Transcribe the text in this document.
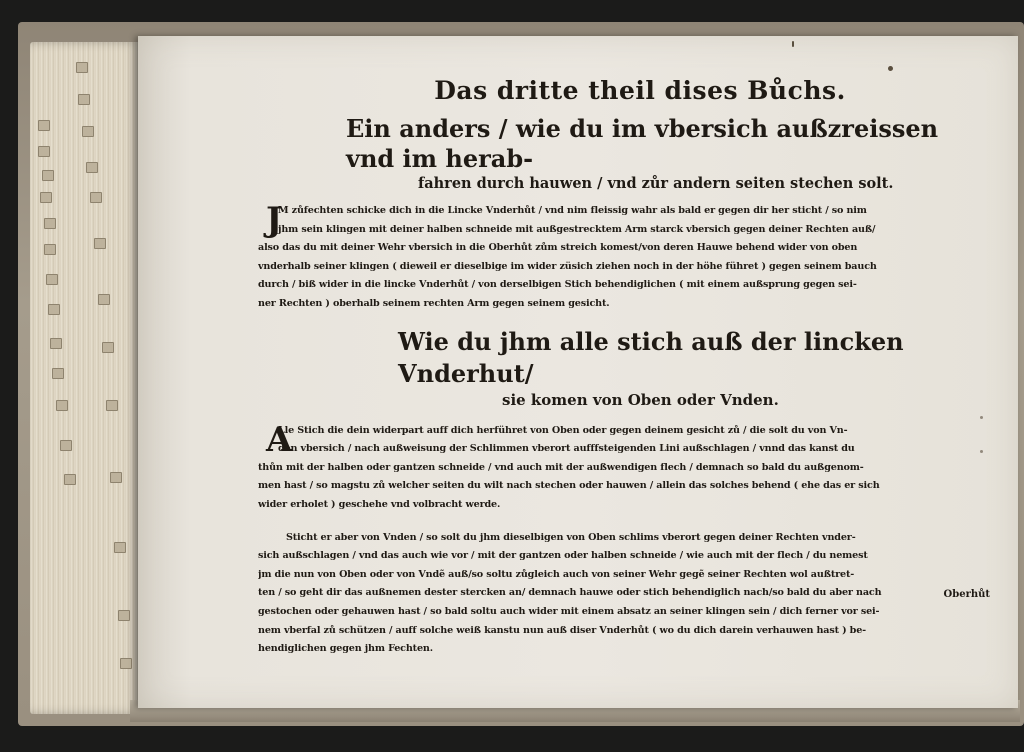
Das dritte theil dises Bůchs.

Ein anders / wie du im vbersich außzreissen vnd im herab-

fahren durch hauwen / vnd zůr andern seiten stechen solt.

J
M zůfechten schicke dich in die Lincke Vnderhůt / vnd nim fleissig wahr als bald er gegen dir her sticht / so nim
jhm sein klingen mit deiner halben schneide mit außgestrecktem Arm starck vbersich gegen deiner Rechten auß/
also das du mit deiner Wehr vbersich in die Oberhůt zům streich komest/von deren Hauwe behend wider von oben
vnderhalb seiner klingen ( dieweil er dieselbige im wider züsich ziehen noch in der höhe führet ) gegen seinem bauch
durch / biß wider in die lincke Vnderhůt / von derselbigen Stich behendiglichen ( mit einem außsprung gegen sei-
ner Rechten ) oberhalb seinem rechten Arm gegen seinem gesicht.

Wie du jhm alle stich auß der lincken Vnderhut/

sie komen von Oben oder Vnden.

A
Lle Stich die dein widerpart auff dich herführet von Oben oder gegen deinem gesicht zů / die solt du von Vn-
den vbersich / nach außweisung der Schlimmen vberort aufffsteigenden Lini außschlagen / vnnd das kanst du
thůn mit der halben oder gantzen schneide / vnd auch mit der außwendigen flech / demnach so bald du außgenom-
men hast / so magstu zů welcher seiten du wilt nach stechen oder hauwen / allein das solches behend ( ehe das er sich
wider erholet ) geschehe vnd volbracht werde.
Sticht er aber von Vnden / so solt du jhm dieselbigen von Oben schlims vberort gegen deiner Rechten vnder-
sich außschlagen / vnd das auch wie vor / mit der gantzen oder halben schneide / wie auch mit der flech / du nemest
jm die nun von Oben oder von Vndẽ auß/so soltu zůgleich auch von seiner Wehr gegẽ seiner Rechten wol außtret-
ten / so geht dir das außnemen dester stercken an/ demnach hauwe oder stich behendiglich nach/so bald du aber nach
gestochen oder gehauwen hast / so bald soltu auch wider mit einem absatz an seiner klingen sein / dich ferner vor sei-
nem vberfal zů schützen / auff solche weiß kanstu nun auß diser Vnderhůt ( wo du dich darein verhauwen hast ) be-
hendiglichen gegen jhm Fechten.
Oberhůt
